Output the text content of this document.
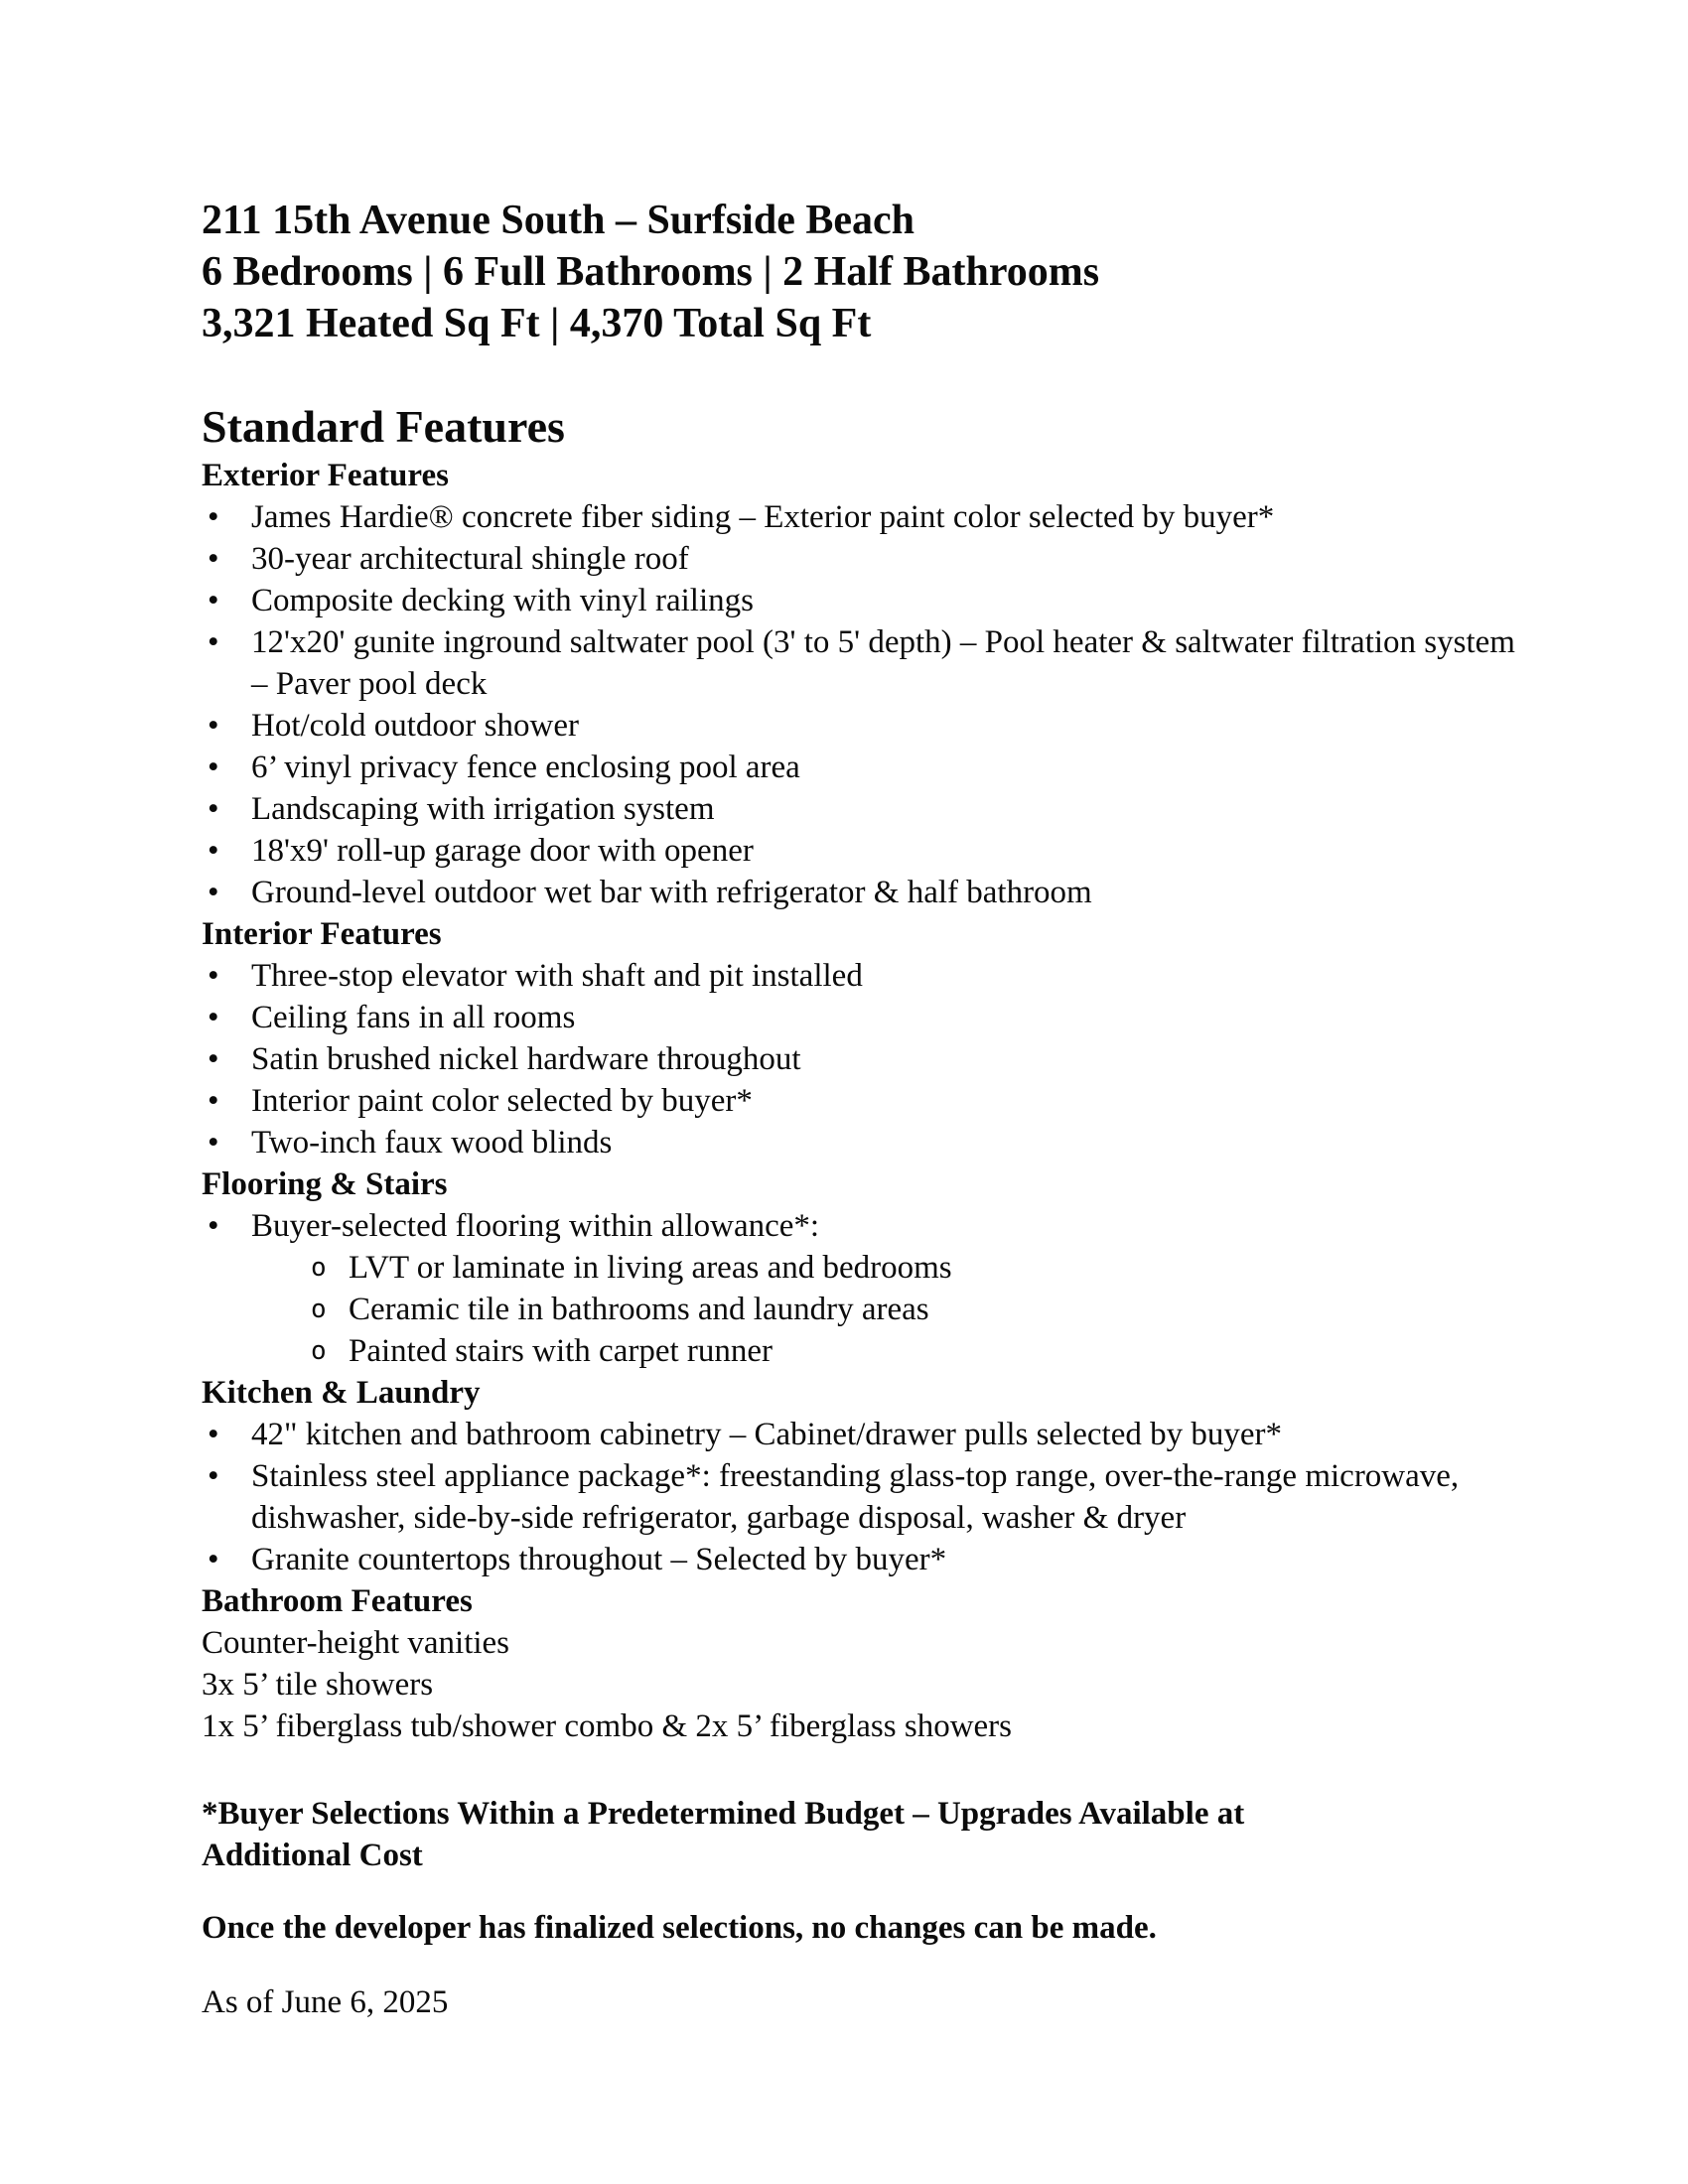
211 15th Avenue South – Surfside Beach
6 Bedrooms | 6 Full Bathrooms | 2 Half Bathrooms
3,321 Heated Sq Ft | 4,370 Total Sq Ft
Standard Features
Exterior Features
• James Hardie® concrete fiber siding – Exterior paint color selected by buyer*
• 30-year architectural shingle roof
• Composite decking with vinyl railings
• 12'x20' gunite inground saltwater pool (3' to 5' depth) – Pool heater & saltwater filtration system – Paver pool deck
• Hot/cold outdoor shower
• 6’ vinyl privacy fence enclosing pool area
• Landscaping with irrigation system
• 18'x9' roll-up garage door with opener
• Ground-level outdoor wet bar with refrigerator & half bathroom
Interior Features
• Three-stop elevator with shaft and pit installed
• Ceiling fans in all rooms
• Satin brushed nickel hardware throughout
• Interior paint color selected by buyer*
• Two-inch faux wood blinds
Flooring & Stairs
• Buyer-selected flooring within allowance*:
o LVT or laminate in living areas and bedrooms
o Ceramic tile in bathrooms and laundry areas
o Painted stairs with carpet runner
Kitchen & Laundry
• 42" kitchen and bathroom cabinetry – Cabinet/drawer pulls selected by buyer*
• Stainless steel appliance package*: freestanding glass-top range, over-the-range microwave, dishwasher, side-by-side refrigerator, garbage disposal, washer & dryer
• Granite countertops throughout – Selected by buyer*
Bathroom Features
Counter-height vanities
3x 5’ tile showers
1x 5’ fiberglass tub/shower combo & 2x 5’ fiberglass showers

*Buyer Selections Within a Predetermined Budget – Upgrades Available at Additional Cost

Once the developer has finalized selections, no changes can be made.

As of June 6, 2025
